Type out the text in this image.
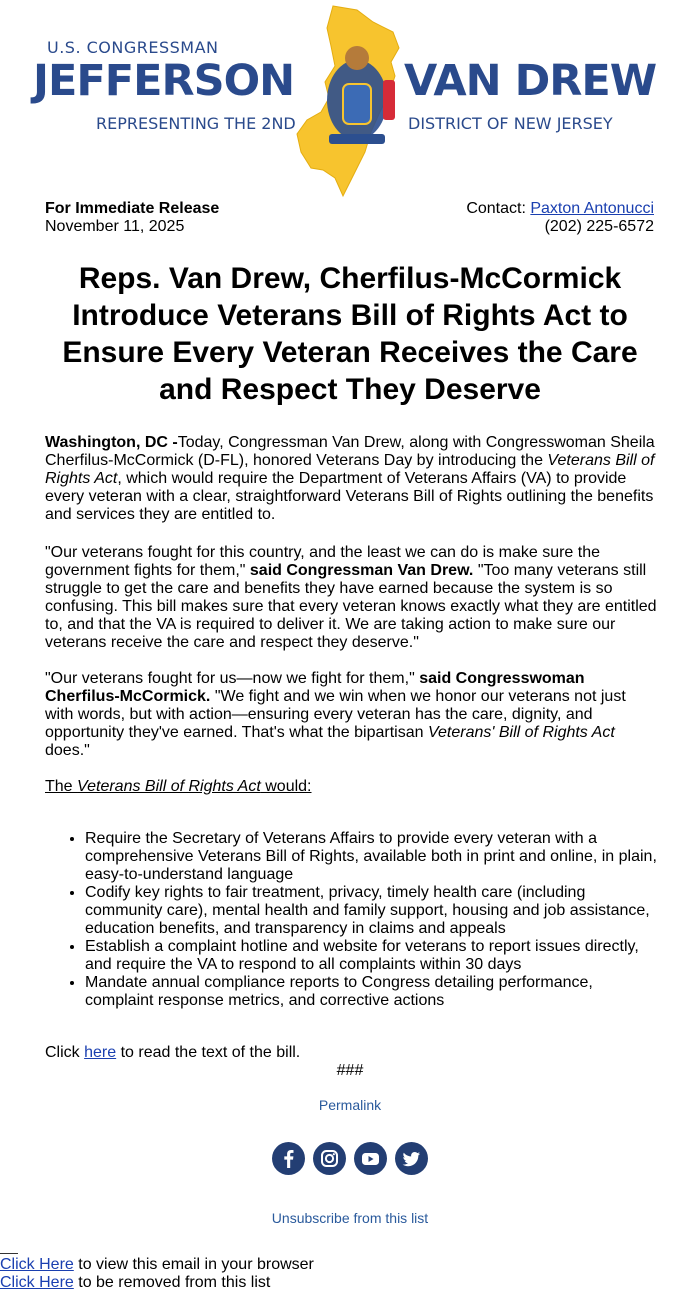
U.S. CONGRESSMAN
JEFFERSON	VAN DREW
REPRESENTING THE 2ND	DISTRICT OF NEW JERSEY
For Immediate Release
November 11, 2025
Contact: Paxton Antonucci
(202) 225-6572
Reps. Van Drew, Cherfilus-McCormick Introduce Veterans Bill of Rights Act to Ensure Every Veteran Receives the Care and Respect They Deserve
Washington, DC -Today, Congressman Van Drew, along with Congresswoman Sheila Cherfilus-McCormick (D-FL), honored Veterans Day by introducing the Veterans Bill of Rights Act, which would require the Department of Veterans Affairs (VA) to provide every veteran with a clear, straightforward Veterans Bill of Rights outlining the benefits and services they are entitled to.
"Our veterans fought for this country, and the least we can do is make sure the government fights for them," said Congressman Van Drew. "Too many veterans still struggle to get the care and benefits they have earned because the system is so confusing. This bill makes sure that every veteran knows exactly what they are entitled to, and that the VA is required to deliver it. We are taking action to make sure our veterans receive the care and respect they deserve."
"Our veterans fought for us—now we fight for them," said Congresswoman Cherfilus-McCormick. "We fight and we win when we honor our veterans not just with words, but with action—ensuring every veteran has the care, dignity, and opportunity they've earned. That's what the bipartisan Veterans' Bill of Rights Act does."
The Veterans Bill of Rights Act would:
• Require the Secretary of Veterans Affairs to provide every veteran with a comprehensive Veterans Bill of Rights, available both in print and online, in plain, easy-to-understand language
• Codify key rights to fair treatment, privacy, timely health care (including community care), mental health and family support, housing and job assistance, education benefits, and transparency in claims and appeals
• Establish a complaint hotline and website for veterans to report issues directly, and require the VA to respond to all complaints within 30 days
• Mandate annual compliance reports to Congress detailing performance, complaint response metrics, and corrective actions
Click here to read the text of the bill.
###
Permalink
Unsubscribe from this list
Click Here to view this email in your browser
Click Here to be removed from this list
